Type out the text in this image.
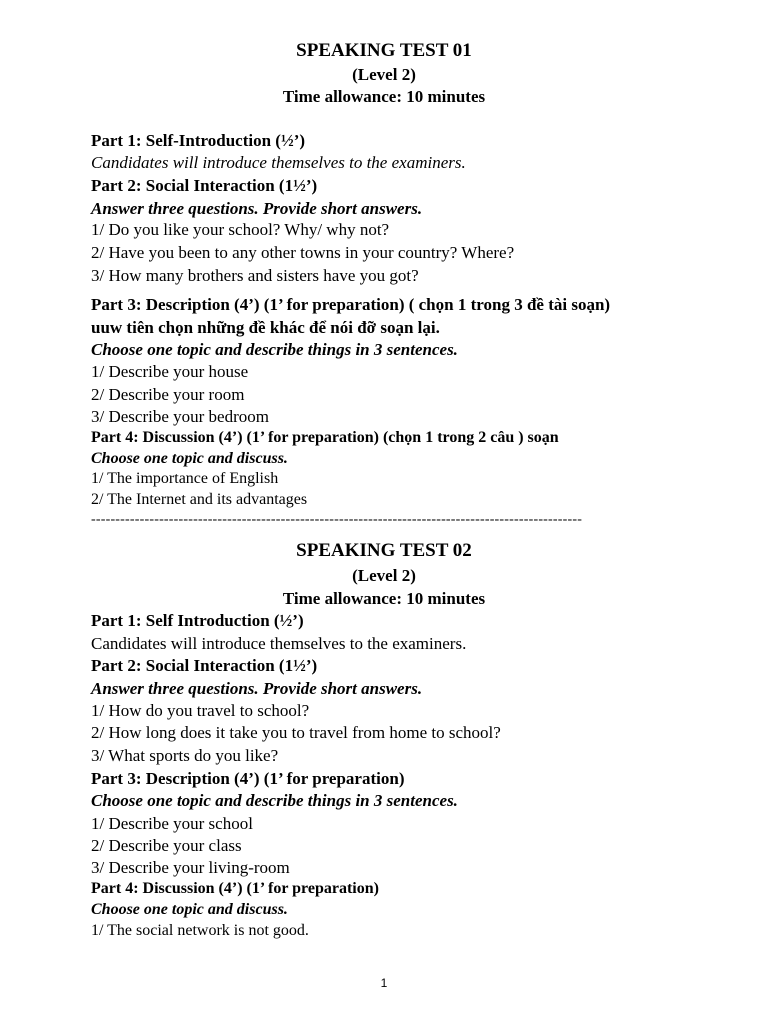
SPEAKING TEST 01
(Level 2)
Time allowance: 10 minutes
Part 1: Self-Introduction (½’)
Candidates will introduce themselves to the examiners.
Part 2: Social Interaction (1½’)
Answer three questions. Provide short answers.
1/ Do you like your school? Why/ why not?
2/ Have you been to any other towns in your country? Where?
3/ How many brothers and sisters have you got?
Part 3: Description (4’) (1’ for preparation) ( chọn 1 trong 3 đề tài soạn)
uuw tiên chọn những đề khác để nói đỡ soạn lại.
Choose one topic and describe things in 3 sentences.
1/ Describe your house
2/ Describe your room
3/ Describe your bedroom
Part 4: Discussion (4’) (1’ for preparation) (chọn 1 trong 2 câu ) soạn
Choose one topic and discuss.
1/ The importance of English
2/ The Internet and its advantages
-----------------------------------------------------------------------------------------------------
SPEAKING TEST 02
(Level 2)
Time allowance: 10 minutes
Part 1: Self Introduction (½’)
Candidates will introduce themselves to the examiners.
Part 2: Social Interaction (1½’)
Answer three questions. Provide short answers.
1/ How do you travel to school?
2/ How long does it take you to travel from home to school?
3/ What sports do you like?
Part 3: Description (4’) (1’ for preparation)
Choose one topic and describe things in 3 sentences.
1/ Describe your school
2/ Describe your class
3/ Describe your living-room
Part 4: Discussion (4’) (1’ for preparation)
Choose one topic and discuss.
1/ The social network is not good.
1
